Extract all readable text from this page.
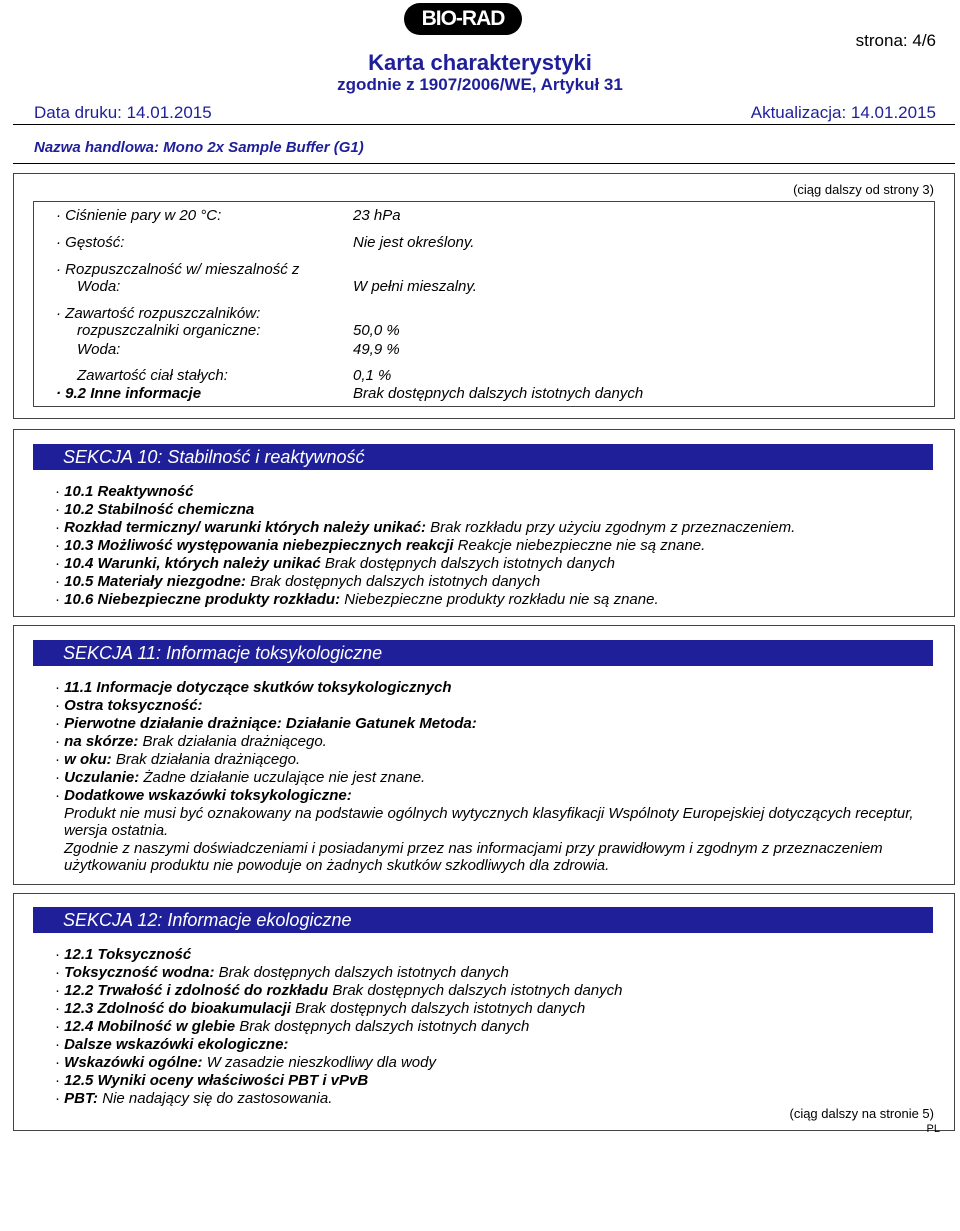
BIO-RAD
strona: 4/6
Karta charakterystyki
zgodnie z 1907/2006/WE, Artykuł 31
Data druku: 14.01.2015	Aktualizacja: 14.01.2015
Nazwa handlowa: Mono 2x Sample Buffer (G1)
(ciąg dalszy od strony 3)
· Ciśnienie pary w 20 °C:	23 hPa
· Gęstość:	Nie jest określony.
· Rozpuszczalność w/ mieszalność z
Woda:	W pełni mieszalny.
· Zawartość rozpuszczalników:
rozpuszczalniki organiczne:	50,0 %
Woda:	49,9 %
Zawartość ciał stałych:	0,1 %
· 9.2 Inne informacje	Brak dostępnych dalszych istotnych danych
SEKCJA 10: Stabilność i reaktywność
· 10.1 Reaktywność
· 10.2 Stabilność chemiczna
· Rozkład termiczny/ warunki których należy unikać: Brak rozkładu przy użyciu zgodnym z przeznaczeniem.
· 10.3 Możliwość występowania niebezpiecznych reakcji Reakcje niebezpieczne nie są znane.
· 10.4 Warunki, których należy unikać Brak dostępnych dalszych istotnych danych
· 10.5 Materiały niezgodne: Brak dostępnych dalszych istotnych danych
· 10.6 Niebezpieczne produkty rozkładu: Niebezpieczne produkty rozkładu nie są znane.
SEKCJA 11: Informacje toksykologiczne
· 11.1 Informacje dotyczące skutków toksykologicznych
· Ostra toksyczność:
· Pierwotne działanie drażniące: Działanie Gatunek Metoda:
· na skórze: Brak działania drażniącego.
· w oku: Brak działania drażniącego.
· Uczulanie: Żadne działanie uczulające nie jest znane.
· Dodatkowe wskazówki toksykologiczne:
Produkt nie musi być oznakowany na podstawie ogólnych wytycznych klasyfikacji Wspólnoty Europejskiej dotyczących receptur, wersja ostatnia.
Zgodnie z naszymi doświadczeniami i posiadanymi przez nas informacjami przy prawidłowym i zgodnym z przeznaczeniem użytkowaniu produktu nie powoduje on żadnych skutków szkodliwych dla zdrowia.
SEKCJA 12: Informacje ekologiczne
· 12.1 Toksyczność
· Toksyczność wodna: Brak dostępnych dalszych istotnych danych
· 12.2 Trwałość i zdolność do rozkładu Brak dostępnych dalszych istotnych danych
· 12.3 Zdolność do bioakumulacji Brak dostępnych dalszych istotnych danych
· 12.4 Mobilność w glebie Brak dostępnych dalszych istotnych danych
· Dalsze wskazówki ekologiczne:
· Wskazówki ogólne: W zasadzie nieszkodliwy dla wody
· 12.5 Wyniki oceny właściwości PBT i vPvB
· PBT: Nie nadający się do zastosowania.
(ciąg dalszy na stronie 5)
PL
